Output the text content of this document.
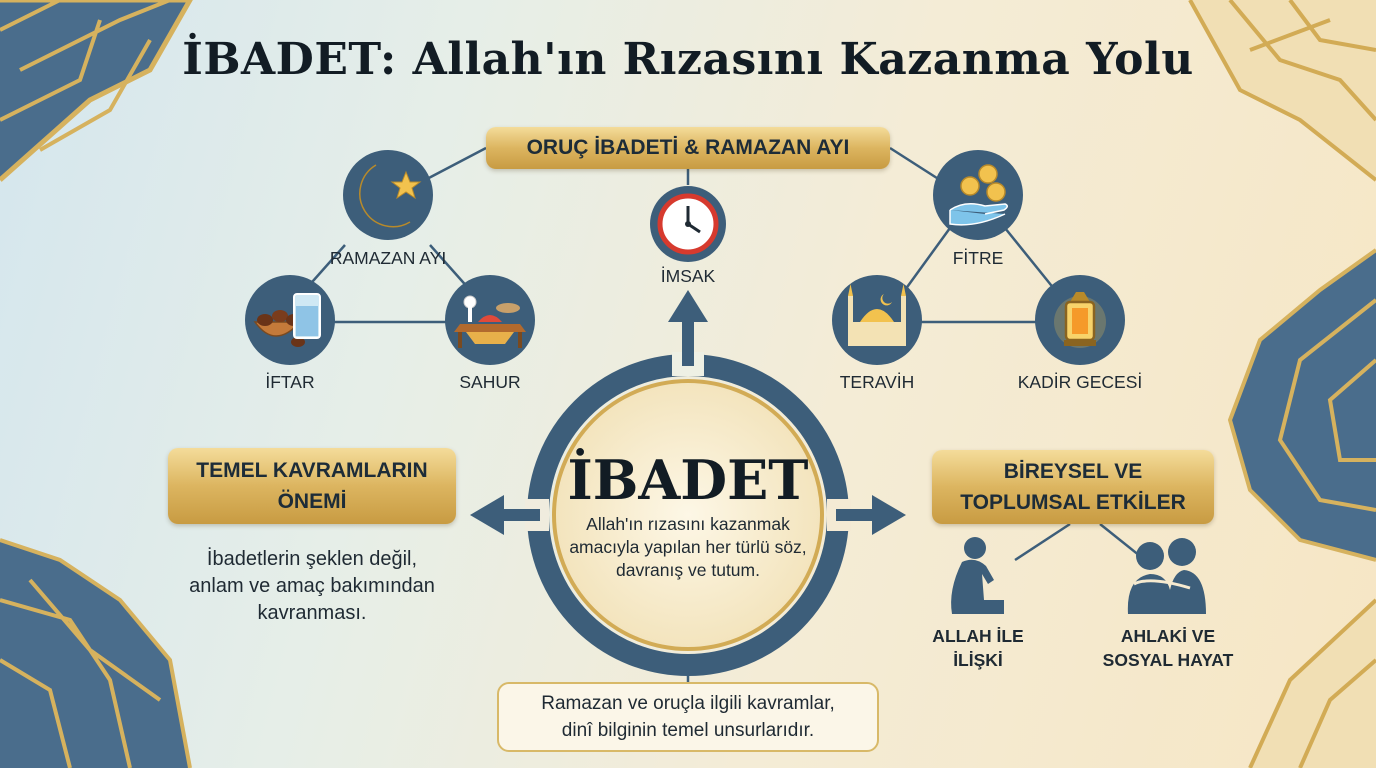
İBADET: Allah'ın Rızasını Kazanma Yolu
ORUÇ İBADETİ & RAMAZAN AYI
RAMAZAN AYI
İFTAR	SAHUR
İMSAK
FİTRE
TERAVİH	KADİR GECESİ
İBADET
Allah'ın rızasını kazanmak amacıyla yapılan her türlü söz, davranış ve tutum.
TEMEL KAVRAMLARIN
ÖNEMİ
İbadetlerin şeklen değil,
anlam ve amaç bakımından
kavranması.
BİREYSEL VE
TOPLUMSAL ETKİLER
ALLAH İLE
İLİŞKİ
AHLAKİ VE
SOSYAL HAYAT
Ramazan ve oruçla ilgili kavramlar,
dinî bilginin temel unsurlarıdır.
